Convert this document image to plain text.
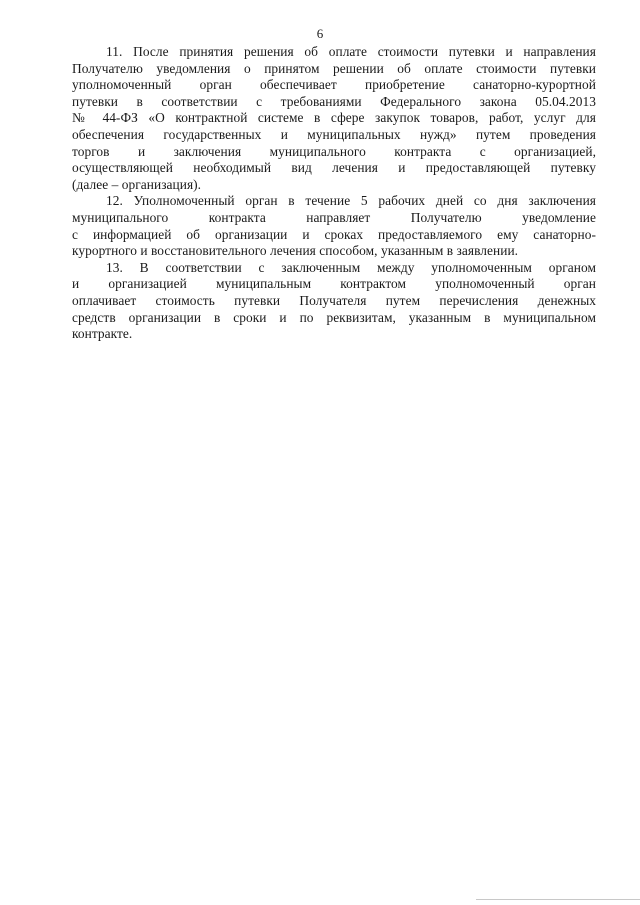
6

11. После принятия решения об оплате стоимости путевки и направления
Получателю уведомления о принятом решении об оплате стоимости путевки
уполномоченный орган обеспечивает приобретение санаторно-курортной
путевки в соответствии с требованиями Федерального закона 05.04.2013
№ 44-ФЗ «О контрактной системе в сфере закупок товаров, работ, услуг для
обеспечения государственных и муниципальных нужд» путем проведения
торгов и заключения муниципального контракта с организацией,
осуществляющей необходимый вид лечения и предоставляющей путевку
(далее – организация).

12. Уполномоченный орган в течение 5 рабочих дней со дня заключения
муниципального контракта направляет Получателю уведомление
с информацией об организации и сроках предоставляемого ему санаторно-
курортного и восстановительного лечения способом, указанным в заявлении.

13. В соответствии с заключенным между уполномоченным органом
и организацией муниципальным контрактом уполномоченный орган
оплачивает стоимость путевки Получателя путем перечисления денежных
средств организации в сроки и по реквизитам, указанным в муниципальном
контракте.
